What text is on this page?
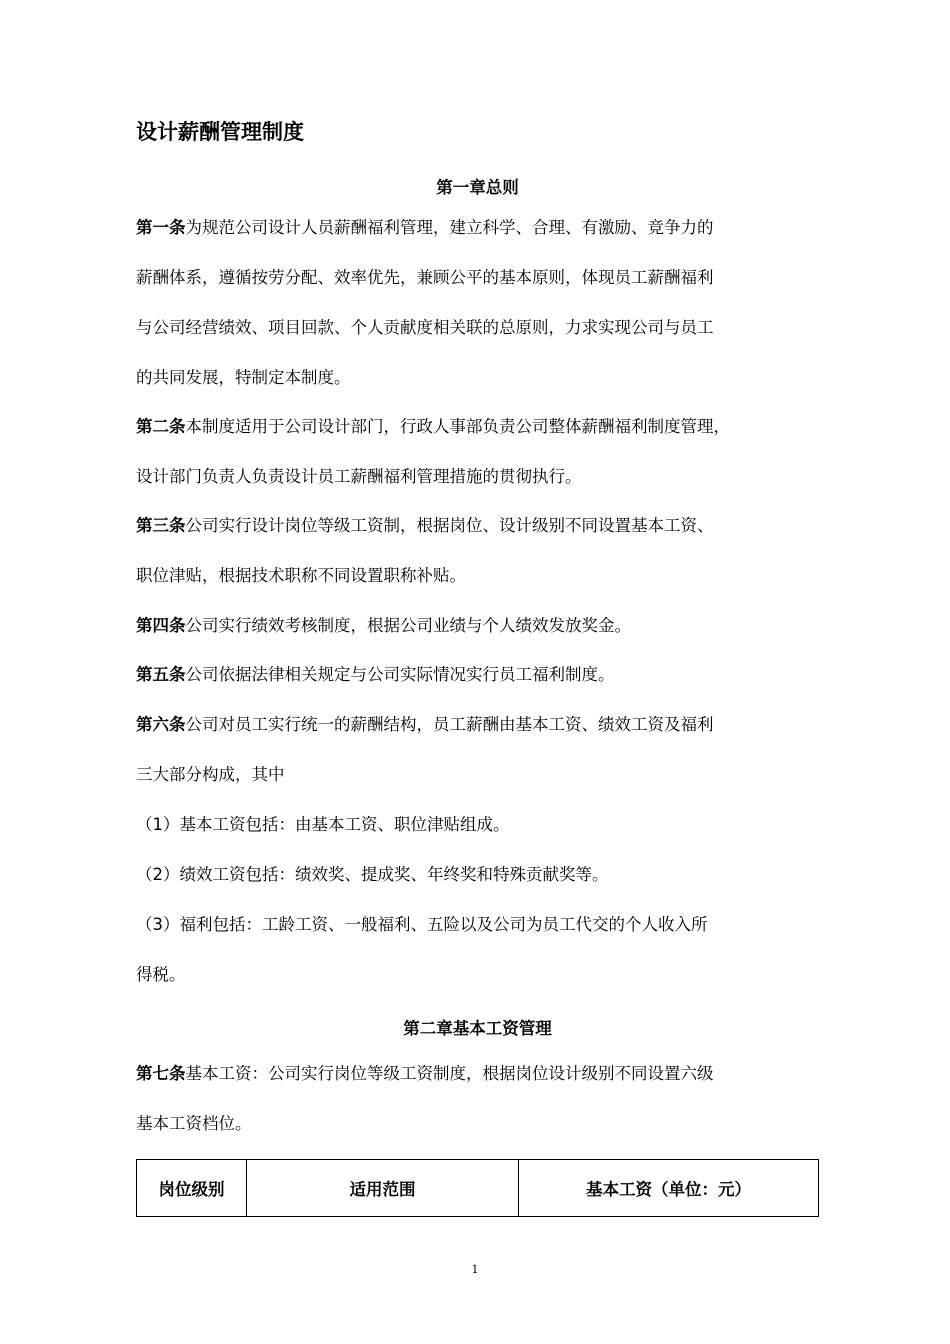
设计薪酬管理制度
第一章总则
第一条为规范公司设计人员薪酬福利管理，建立科学、合理、有激励、竞争力的
薪酬体系，遵循按劳分配、效率优先，兼顾公平的基本原则，体现员工薪酬福利
与公司经营绩效、项目回款、个人贡献度相关联的总原则，力求实现公司与员工
的共同发展，特制定本制度。
第二条本制度适用于公司设计部门，行政人事部负责公司整体薪酬福利制度管理，
设计部门负责人负责设计员工薪酬福利管理措施的贯彻执行。
第三条公司实行设计岗位等级工资制，根据岗位、设计级别不同设置基本工资、
职位津贴，根据技术职称不同设置职称补贴。
第四条公司实行绩效考核制度，根据公司业绩与个人绩效发放奖金。
第五条公司依据法律相关规定与公司实际情况实行员工福利制度。
第六条公司对员工实行统一的薪酬结构，员工薪酬由基本工资、绩效工资及福利
三大部分构成，其中
（1）基本工资包括：由基本工资、职位津贴组成。
（2）绩效工资包括：绩效奖、提成奖、年终奖和特殊贡献奖等。
（3）福利包括：工龄工资、一般福利、五险以及公司为员工代交的个人收入所
得税。
第二章基本工资管理
第七条基本工资：公司实行岗位等级工资制度，根据岗位设计级别不同设置六级
基本工资档位。
岗位级别	适用范围	基本工资（单位：元）
1
